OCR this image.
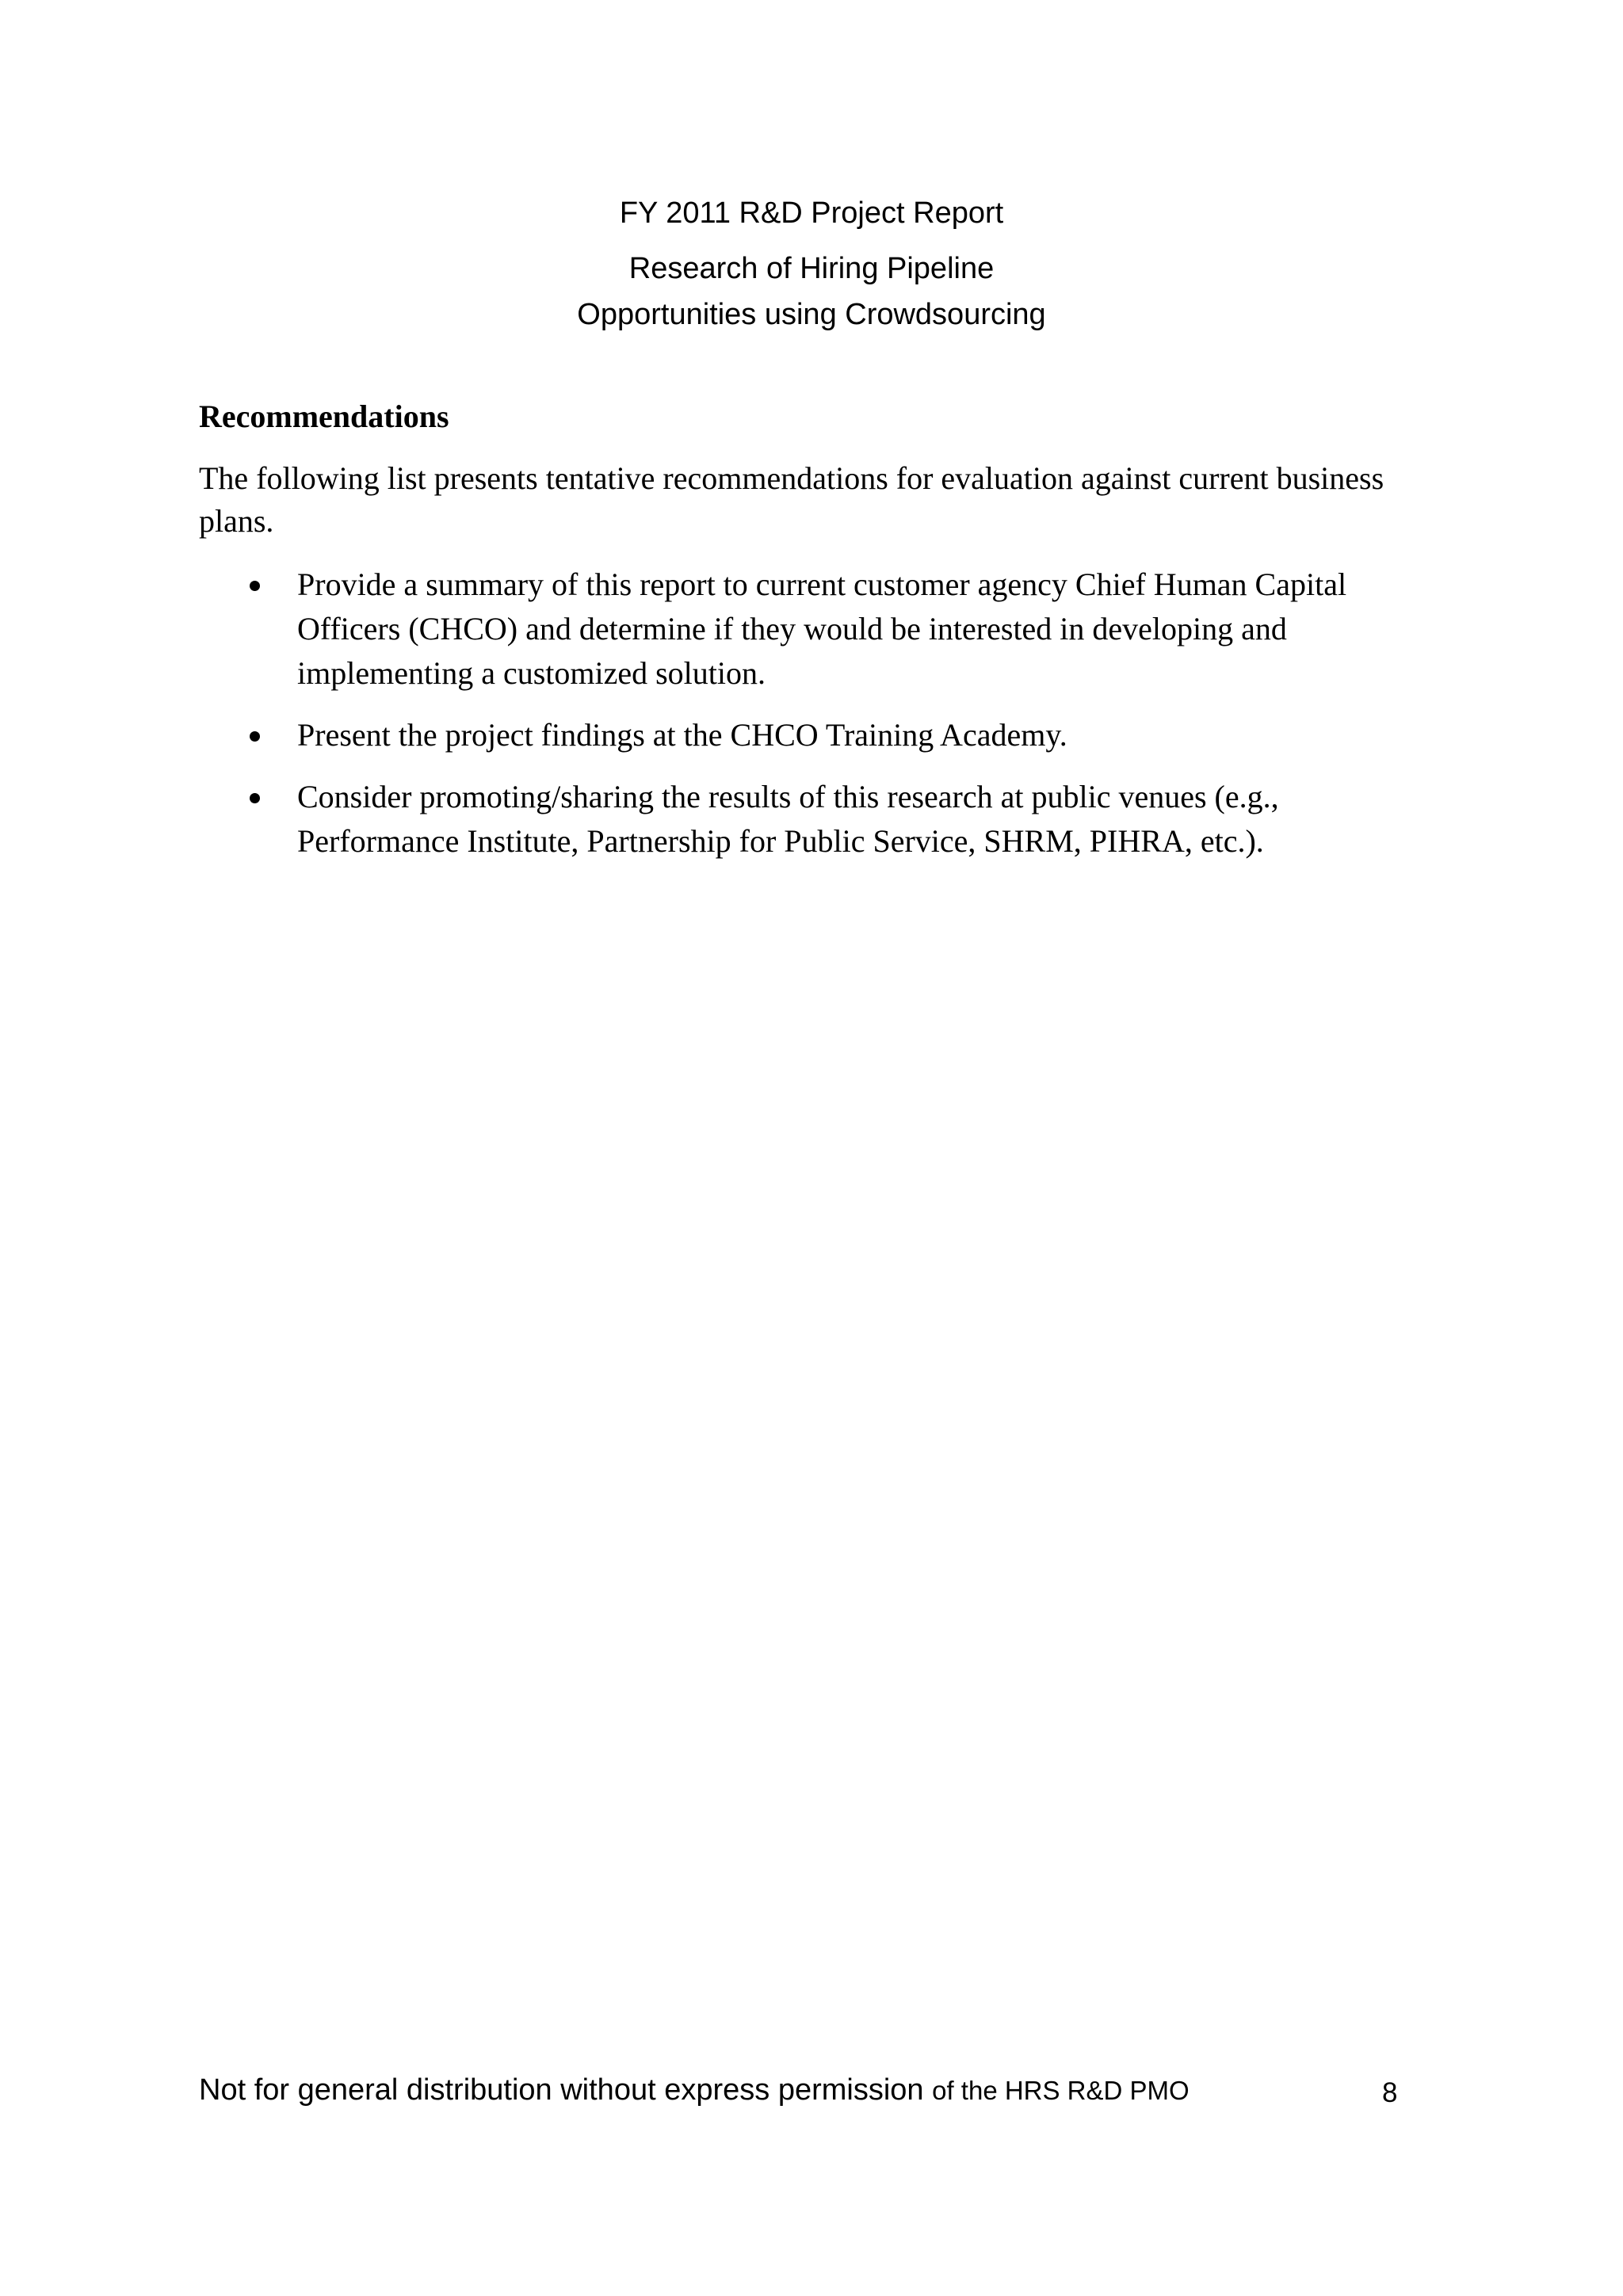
FY 2011 R&D Project Report
Research of Hiring Pipeline
Opportunities using Crowdsourcing
Recommendations
The following list presents tentative recommendations for evaluation against current business plans.
Provide a summary of this report to current customer agency Chief Human Capital Officers (CHCO) and determine if they would be interested in developing and implementing a customized solution.
Present the project findings at the CHCO Training Academy.
Consider promoting/sharing the results of this research at public venues (e.g., Performance Institute, Partnership for Public Service, SHRM, PIHRA, etc.).
Not for general distribution without express permission of the HRS R&D PMO	8
